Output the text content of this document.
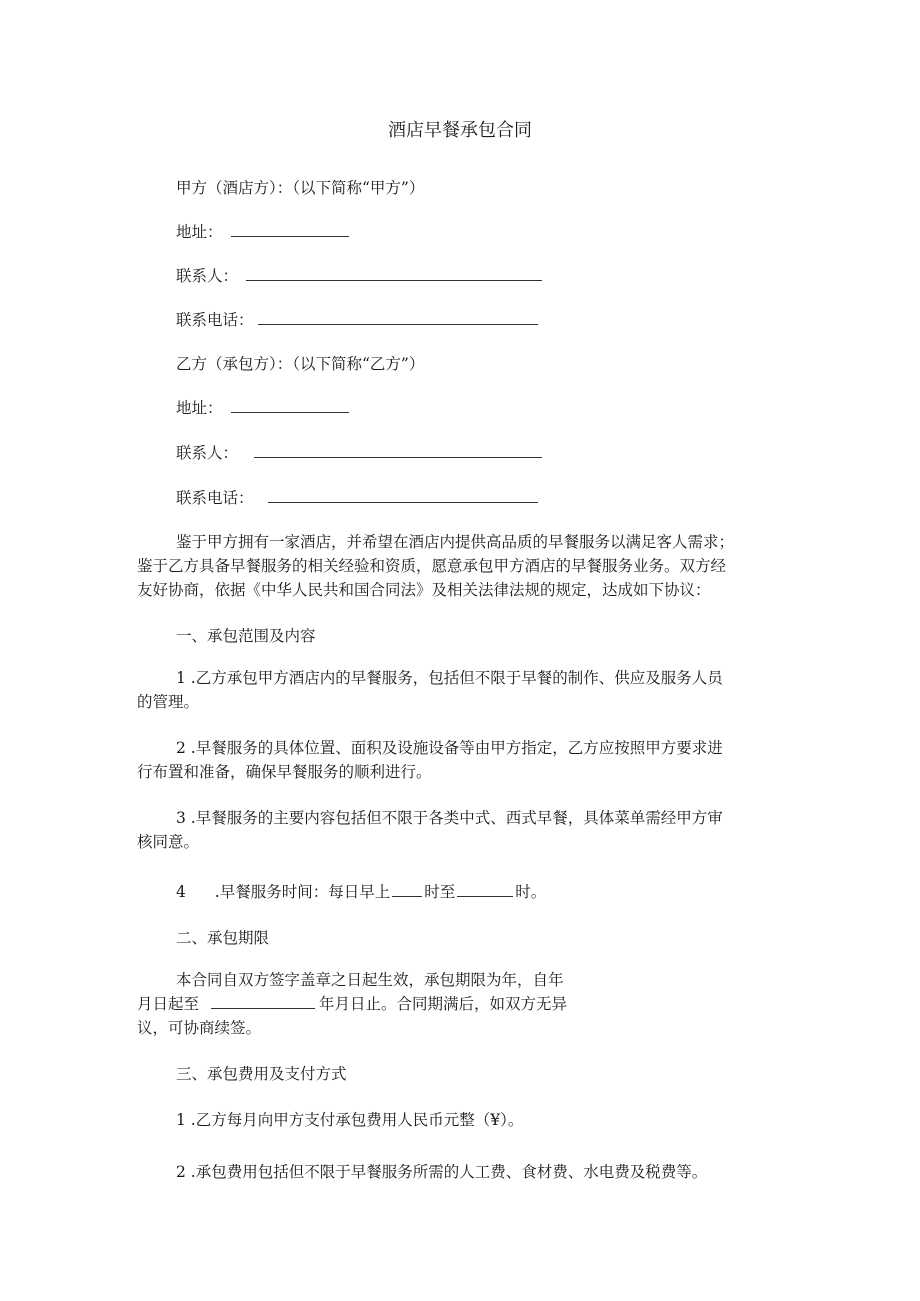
酒店早餐承包合同
甲方（酒店方）：（以下简称“甲方”）
地址：
联系人：
联系电话：
乙方（承包方）：（以下简称“乙方”）
地址：
联系人：
联系电话：
鉴于甲方拥有一家酒店，并希望在酒店内提供高品质的早餐服务以满足客人需求；
鉴于乙方具备早餐服务的相关经验和资质，愿意承包甲方酒店的早餐服务业务。双方经
友好协商，依据《中华人民共和国合同法》及相关法律法规的规定，达成如下协议：
一、承包范围及内容
1 .乙方承包甲方酒店内的早餐服务，包括但不限于早餐的制作、供应及服务人员
的管理。
2 .早餐服务的具体位置、面积及设施设备等由甲方指定，乙方应按照甲方要求进
行布置和准备，确保早餐服务的顺利进行。
3 .早餐服务的主要内容包括但不限于各类中式、西式早餐，具体菜单需经甲方审
核同意。
4 .早餐服务时间：每日早上 时至	时。
二、承包期限
本合同自双方签字盖章之日起生效，承包期限为年，自年
月日起至	年月日止。合同期满后，如双方无异
议，可协商续签。
三、承包费用及支付方式
1 .乙方每月向甲方支付承包费用人民币元整（¥）。
2 .承包费用包括但不限于早餐服务所需的人工费、食材费、水电费及税费等。
